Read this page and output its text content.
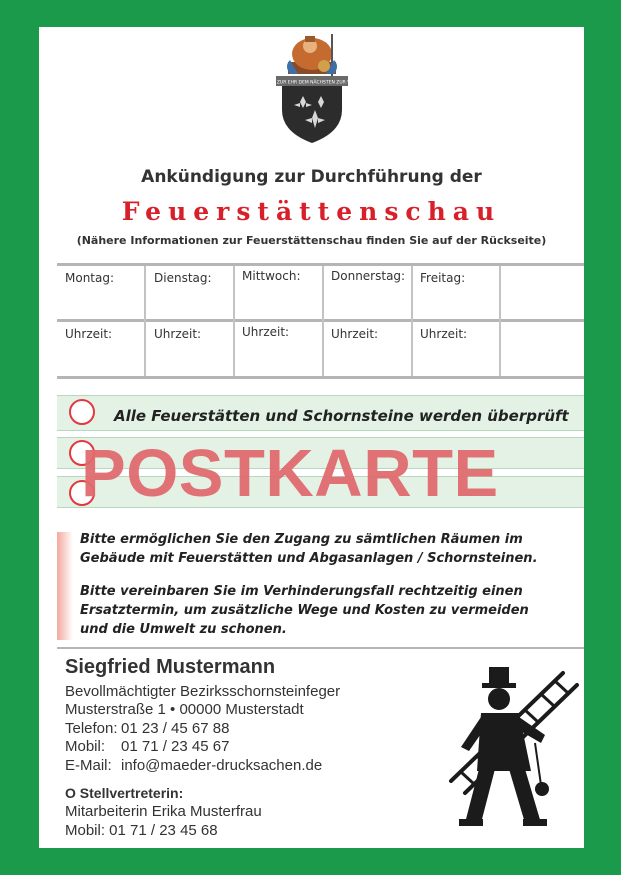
GOTT ZUR EHR DEM NÄCHSTEN ZUR WEHR
Ankündigung zur Durchführung der
Feuerstättenschau
(Nähere Informationen zur Feuerstättenschau finden Sie auf der Rückseite)
Montag:	Dienstag:	Mittwoch:	Donnerstag: Freitag:
Uhrzeit:	Uhrzeit:	Uhrzeit:	Uhrzeit:	Uhrzeit:
Alle Feuerstätten und Schornsteine werden überprüft
POSTKARTE
Bitte ermöglichen Sie den Zugang zu sämtlichen Räumen im
Gebäude mit Feuerstätten und Abgasanlagen / Schornsteinen.
Bitte vereinbaren Sie im Verhinderungsfall rechtzeitig einen
Ersatztermin, um zusätzliche Wege und Kosten zu vermeiden
und die Umwelt zu schonen.
Siegfried Mustermann
Bevollmächtigter Bezirksschornsteinfeger
Musterstraße 1 • 00000 Musterstadt
Telefon: 01 23 / 45 67 88
Mobil: 01 71 / 23 45 67
E-Mail: info@maeder-drucksachen.de
O Stellvertreterin:
Mitarbeiterin Erika Musterfrau
Mobil: 01 71 / 23 45 68
